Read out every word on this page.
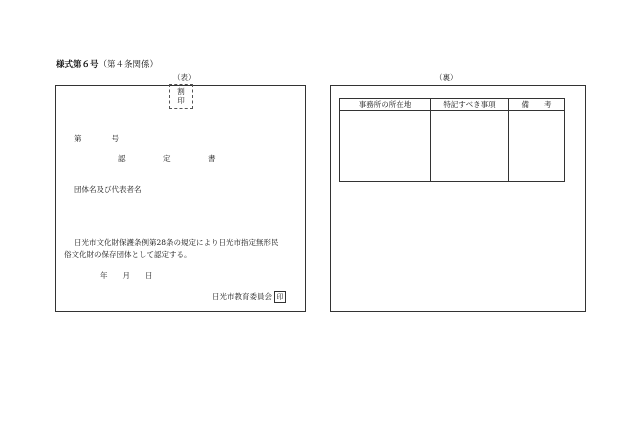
様式第６号（第４条関係）
（表）	（裏）
割印
第　　　　号
認　　　　　定　　　　　書
団体名及び代表者名
日光市文化財保護条例第28条の規定により日光市指定無形民
俗文化財の保存団体として認定する。
年　　月　　日
日光市教育委員会 印
事務所の所在地	特記すべき事項	備　　考
